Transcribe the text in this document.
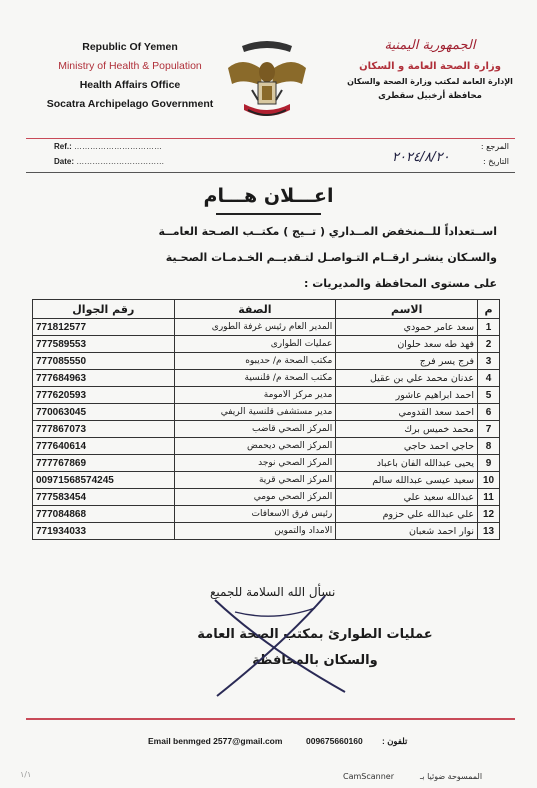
Republic Of Yemen
Ministry of Health & Population
Health Affairs Office
Socatra Archipelago Government
الجمهورية اليمنية
وزارة الصحة العامة و السكان
الإدارة العامة لمكتب وزارة الصحة والسكان
محافظة أرخبيل سقطرى
Ref.: ……………………………
Date: ……………………………
المرجع :
التاريخ :
٢٠٢٤/٨/٢٠
اعـــلان هـــام
اســتعداداً للــمنخفض المــداري ( تــيج ) مكتــب الصـحة العامــة
والسـكان ينشـر ارقــام التـواصـل لتـقديــم الخـدمـات الصحـية
على مستوى المحافظة والمديريات :
م	الاسم	الصفة	رقم الجوال
1	سعد عامر حمودي	المدير العام رئيس غرفة الطورى	771812577
2	فهد طه سعد حلوان	عمليات الطوارى	777589553
3	فرج يسر فرج	مكتب الصحة م/ حديبوه	777085550
4	عدنان محمد علي بن عقيل	مكتب الصحة م/ قلنسية	777684963
5	احمد ابراهيم عاشور	مدير مركز الامومة	777620593
6	احمد سعد القدومي	مدير مستشفى قلنسية الريفي	770063045
7	محمد خميس برك	المركز الصحي قاضب	777867073
8	حاجي احمد حاجي	المركز الصحي ديحمض	777640614
9	يحيى عبدالله الفان باعباد	المركز الصحي نوجد	777767869
10	سعيد عيسى عبدالله سالم	المركز الصحي قرية	00971568574245
11	عبدالله سعيد علي	المركز الصحي مومي	777583454
12	علي عبدالله علي حزوم	رئيس فرق الاسعافات	777084868
13	نوار احمد شعبان	الامداد والتموين	771934033
نسأل الله السلامة للجميع
عمليات الطوارئ بمكتب الصحة العامة
والسكان بالمحافظة
Email benmged 2577@gmail.com	009675660160 تلفون :
١/١	CamScanner	الممسوحة ضوئيا بـ
